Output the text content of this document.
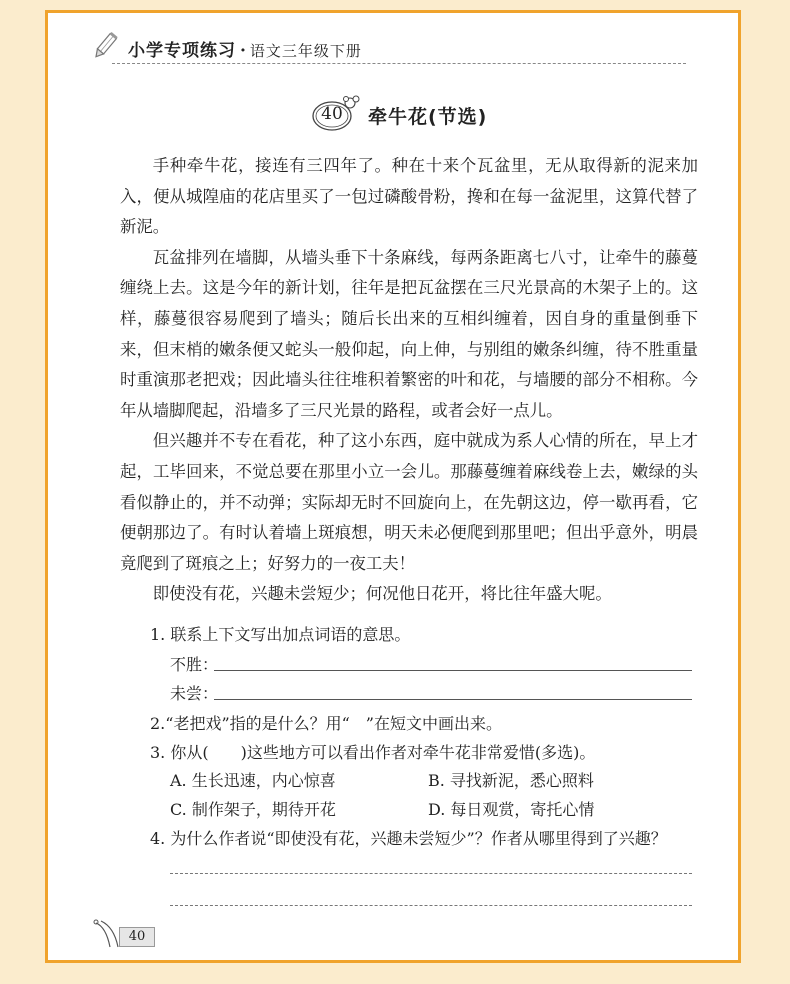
小学专项练习 · 语文三年级下册
40	牵牛花(节选)

手种牵牛花，接连有三四年了。种在十来个瓦盆里，无从取得新的泥来加入，便从城隍庙的花店里买了一包过磷酸骨粉，搀和在每一盆泥里，这算代替了新泥。

瓦盆排列在墙脚，从墙头垂下十条麻线，每两条距离七八寸，让牵牛的藤蔓缠绕上去。这是今年的新计划，往年是把瓦盆摆在三尺光景高的木架子上的。这样，藤蔓很容易爬到了墙头；随后长出来的互相纠缠着，因自身的重量倒垂下来，但末梢的嫩条便又蛇头一般仰起，向上伸，与别组的嫩条纠缠，待不胜重量时重演那老把戏；因此墙头往往堆积着繁密的叶和花，与墙腰的部分不相称。今年从墙脚爬起，沿墙多了三尺光景的路程，或者会好一点儿。

但兴趣并不专在看花，种了这小东西，庭中就成为系人心情的所在，早上才起，工毕回来，不觉总要在那里小立一会儿。那藤蔓缠着麻线卷上去，嫩绿的头看似静止的，并不动弹；实际却无时不回旋向上，在先朝这边，停一歇再看，它便朝那边了。有时认着墙上斑痕想，明天未必便爬到那里吧；但出乎意外，明晨竟爬到了斑痕之上；好努力的一夜工夫！

即使没有花，兴趣未尝短少；何况他日花开，将比往年盛大呢。

1. 联系上下文写出加点词语的意思。
不胜：
未尝：
2.“老把戏”指的是什么？用“　”在短文中画出来。
3. 你从(　　)这些地方可以看出作者对牵牛花非常爱惜(多选)。
A. 生长迅速，内心惊喜	B. 寻找新泥，悉心照料
C. 制作架子，期待开花	D. 每日观赏，寄托心情
4. 为什么作者说“即使没有花，兴趣未尝短少”？作者从哪里得到了兴趣？
40
